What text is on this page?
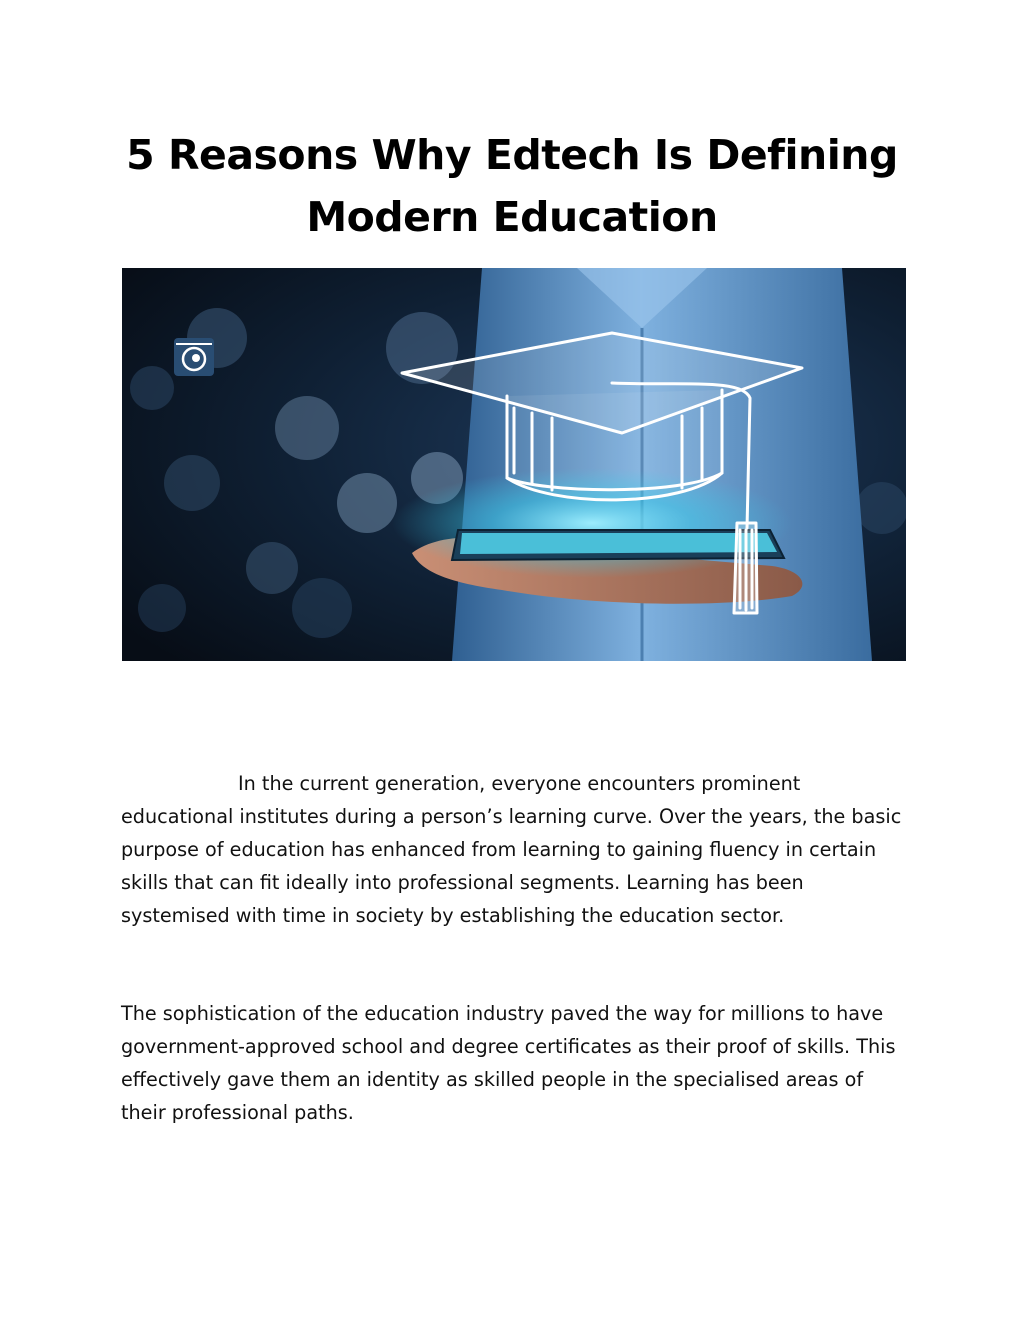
5 Reasons Why Edtech Is Defining Modern Education

In the current generation, everyone encounters prominent educational institutes during a person’s learning curve. Over the years, the basic purpose of education has enhanced from learning to gaining fluency in certain skills that can fit ideally into professional segments. Learning has been systemised with time in society by establishing the education sector.

The sophistication of the education industry paved the way for millions to have government-approved school and degree certificates as their proof of skills. This effectively gave them an identity as skilled people in the specialised areas of their professional paths.
